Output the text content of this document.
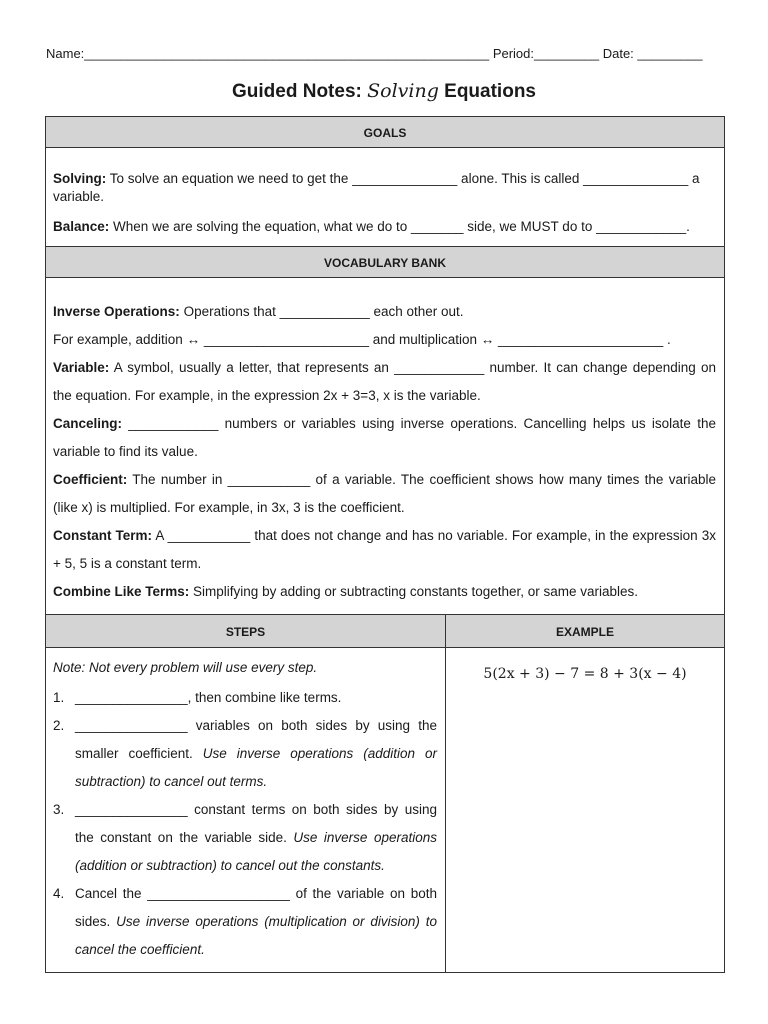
Name:________________________________________________________ Period:_________ Date: _________
Guided Notes: Solving Equations
GOALS

Solving: To solve an equation we need to get the ______________ alone. This is called ______________ a variable.

Balance: When we are solving the equation, what we do to _______ side, we MUST do to ____________.

VOCABULARY BANK

Inverse Operations: Operations that ____________ each other out.

For example, addition ↔ ______________________ and multiplication ↔ ______________________ .

Variable: A symbol, usually a letter, that represents an ____________ number. It can change depending on the equation. For example, in the expression 2x + 3=3, x is the variable.

Canceling: ____________ numbers or variables using inverse operations. Cancelling helps us isolate the variable to find its value.

Coefficient: The number in ___________ of a variable. The coefficient shows how many times the variable (like x) is multiplied. For example, in 3x, 3 is the coefficient.

Constant Term: A ___________ that does not change and has no variable. For example, in the expression 3x + 5, 5 is a constant term.

Combine Like Terms: Simplifying by adding or subtracting constants together, or same variables.

STEPS	EXAMPLE

Note: Not every problem will use every step.

1. _______________, then combine like terms.
2. _______________ variables on both sides by using the smaller coefficient. Use inverse operations (addition or subtraction) to cancel out terms.
3. _______________ constant terms on both sides by using the constant on the variable side. Use inverse operations (addition or subtraction) to cancel out the constants.
4. Cancel the ___________________ of the variable on both sides. Use inverse operations (multiplication or division) to cancel the coefficient.
5(2x + 3) − 7 = 8 + 3(x − 4)
